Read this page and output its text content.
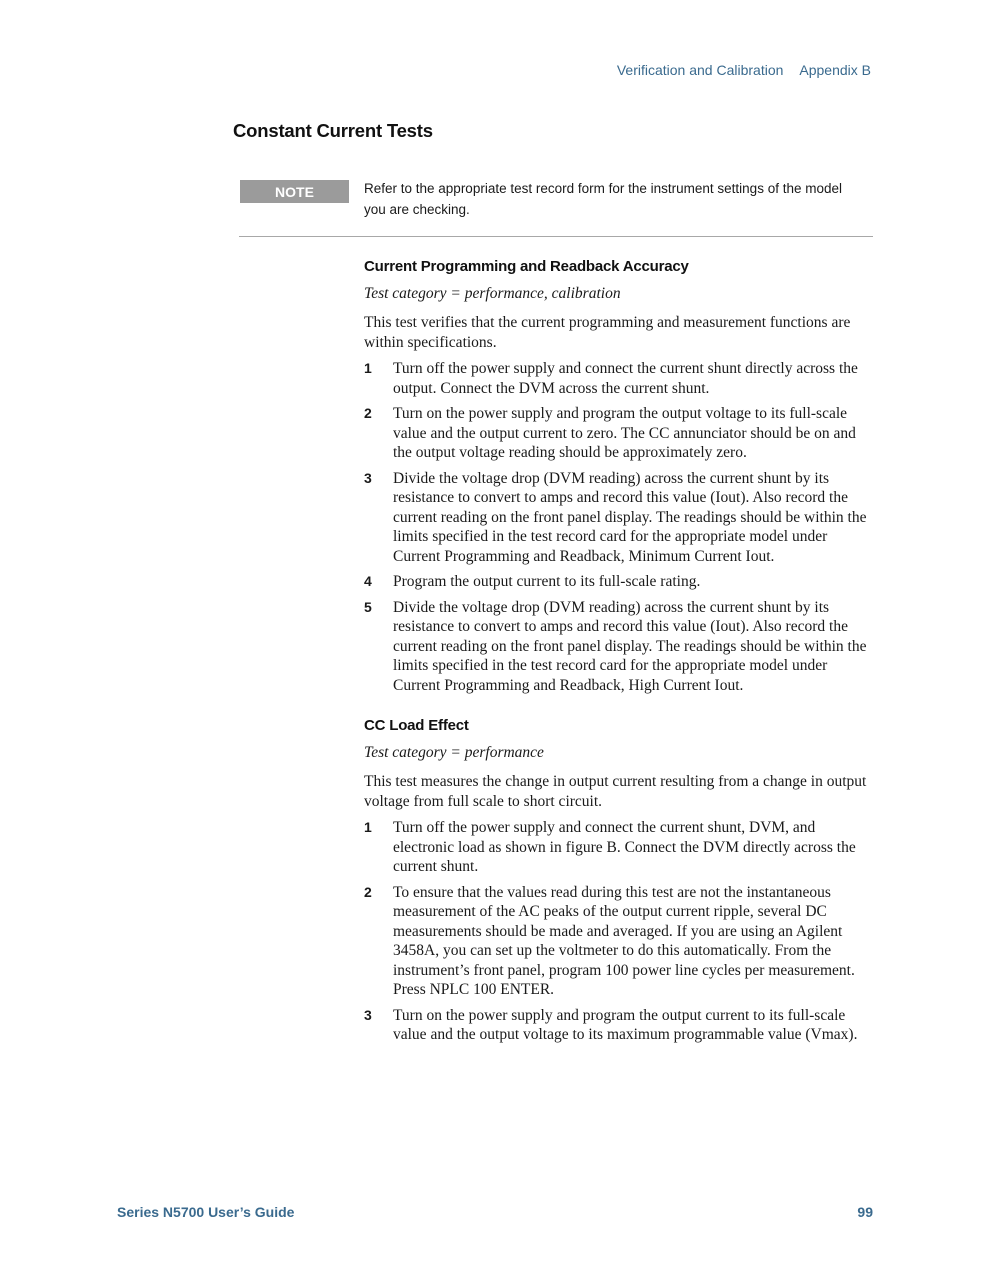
Verification and Calibration Appendix B
Constant Current Tests
NOTE	Refer to the appropriate test record form for the instrument settings of the model you are checking.
Current Programming and Readback Accuracy

Test category = performance, calibration

This test verifies that the current programming and measurement functions are within specifications.

1	Turn off the power supply and connect the current shunt directly across the output. Connect the DVM across the current shunt.
2	Turn on the power supply and program the output voltage to its full-scale value and the output current to zero. The CC annunciator should be on and the output voltage reading should be approximately zero.
3	Divide the voltage drop (DVM reading) across the current shunt by its resistance to convert to amps and record this value (Iout). Also record the current reading on the front panel display. The readings should be within the limits specified in the test record card for the appropriate model under Current Programming and Readback, Minimum Current Iout.
4	Program the output current to its full-scale rating.
5	Divide the voltage drop (DVM reading) across the current shunt by its resistance to convert to amps and record this value (Iout). Also record the current reading on the front panel display. The readings should be within the limits specified in the test record card for the appropriate model under Current Programming and Readback, High Current Iout.
CC Load Effect

Test category = performance

This test measures the change in output current resulting from a change in output voltage from full scale to short circuit.

1	Turn off the power supply and connect the current shunt, DVM, and electronic load as shown in figure B. Connect the DVM directly across the current shunt.
2	To ensure that the values read during this test are not the instantaneous measurement of the AC peaks of the output current ripple, several DC measurements should be made and averaged. If you are using an Agilent 3458A, you can set up the voltmeter to do this automatically. From the instrument’s front panel, program 100 power line cycles per measurement. Press NPLC 100 ENTER.
3	Turn on the power supply and program the output current to its full-scale value and the output voltage to its maximum programmable value (Vmax).
Series N5700 User’s Guide	99
